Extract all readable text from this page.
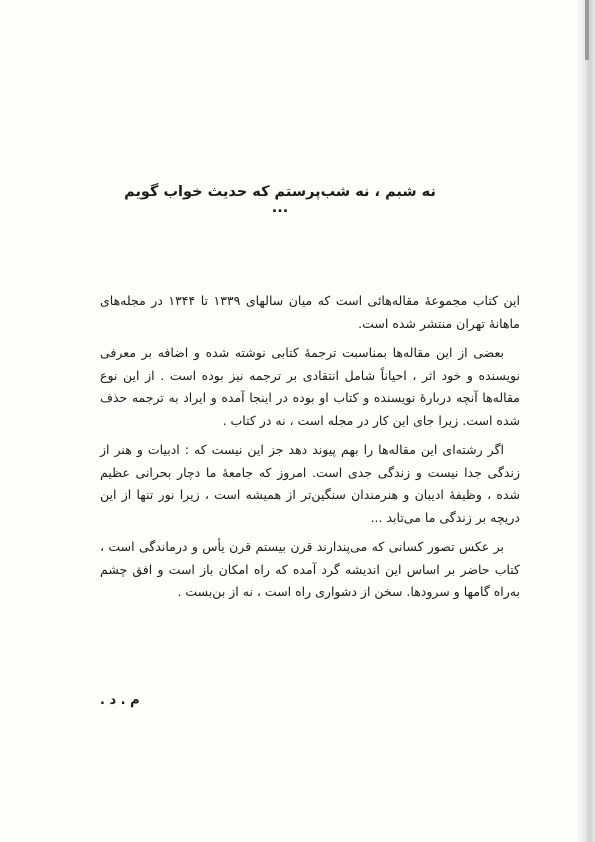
نه شبم ، نه شب‌پرستم که حدیث خواب گویم ...

این کتاب مجموعهٔ مقاله‌هائی است که میان سالهای ۱۳۳۹ تا ۱۳۴۴ در مجله‌های ماهانهٔ تهران منتشر شده است.

بعضی از این مقاله‌ها بمناسبت ترجمهٔ کتابی نوشته شده و اضافه بر معرفی نویسنده و خود اثر ، احیاناً شامل انتقادی بر ترجمه نیز بوده است . از این نوع مقاله‌ها آنچه دربارهٔ نویسنده و کتاب او بوده در اینجا آمده و ایراد به ترجمه حذف شده است. زیرا جای این کار در مجله است ، نه در کتاب .

اگر رشته‌ای این مقاله‌ها را بهم پیوند دهد جز این نیست که : ادبیات و هنر از زندگی جدا نیست و زندگی جدی است. امروز که جامعهٔ ما دچار بحرانی عظیم شده ، وظیفهٔ ادیبان و هنرمندان سنگین‌تر از همیشه است ، زیرا نور تنها از این دریچه بر زندگی ما می‌تابد ...

بر عکس تصور کسانی که می‌پندارند قرن بیستم قرن یأس و درماندگی است ، کتاب حاضر بر اساس این اندیشه گرد آمده که راه امکان باز است و افق چشم به‌راه گامها و سرودها. سخن از دشواری راه است ، نه از بن‌بست .

م . د .
